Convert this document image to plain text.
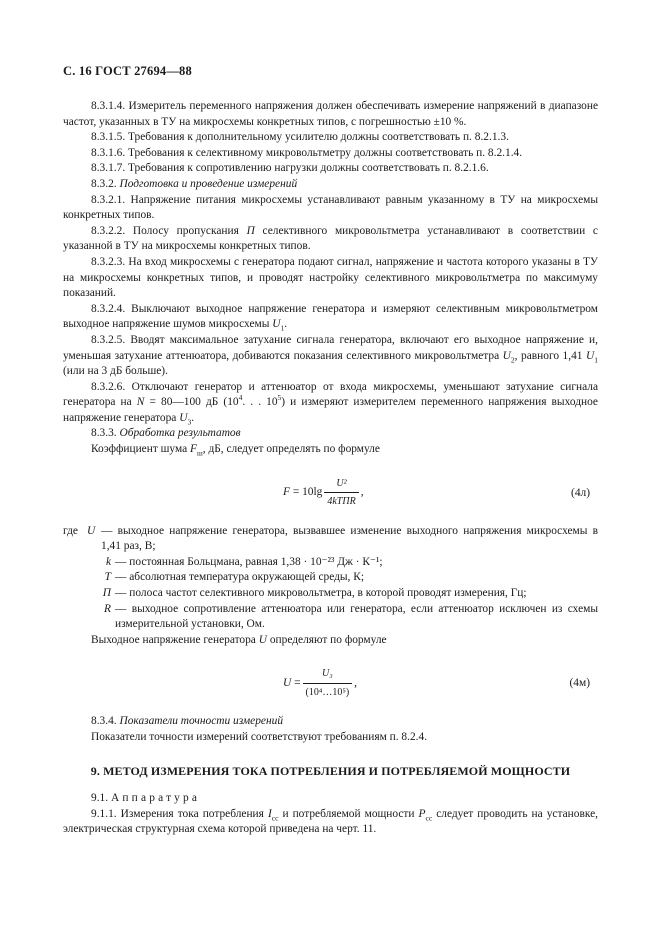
С. 16 ГОСТ 27694—88

8.3.1.4. Измеритель переменного напряжения должен обеспечивать измерение напряжений в диапазоне частот, указанных в ТУ на микросхемы конкретных типов, с погрешностью ±10 %.

8.3.1.5. Требования к дополнительному усилителю должны соответствовать п. 8.2.1.3.

8.3.1.6. Требования к селективному микровольтметру должны соответствовать п. 8.2.1.4.

8.3.1.7. Требования к сопротивлению нагрузки должны соответствовать п. 8.2.1.6.

8.3.2. Подготовка и проведение измерений

8.3.2.1. Напряжение питания микросхемы устанавливают равным указанному в ТУ на микросхемы конкретных типов.

8.3.2.2. Полосу пропускания П селективного микровольтметра устанавливают в соответствии с указанной в ТУ на микросхемы конкретных типов.

8.3.2.3. На вход микросхемы с генератора подают сигнал, напряжение и частота которого указаны в ТУ на микросхемы конкретных типов, и проводят настройку селективного микровольтметра по максимуму показаний.

8.3.2.4. Выключают выходное напряжение генератора и измеряют селективным микровольтметром выходное напряжение шумов микросхемы $U_1$.

8.3.2.5. Вводят максимальное затухание сигнала генератора, включают его выходное напряжение и, уменьшая затухание аттенюатора, добиваются показания селективного микровольтметра $U_2$, равного 1,41 $U_1$ (или на 3 дБ больше).

8.3.2.6. Отключают генератор и аттенюатор от входа микросхемы, уменьшают затухание сигнала генератора на N = 80—100 дБ ($10^4$. . . $10^5$) и измеряют измерителем переменного напряжения выходное напряжение генератора $U_3$.

8.3.3. Обработка результатов

Коэффициент шума $F_ш$, дБ, следует определять по формуле

F
= $10\lg \frac{\text{U²}}{\text{4kTПR}}$ ,	(4л)
где U — выходное напряжение генератора, вызвавшее изменение выходного напряжения микросхемы в 1,41 раз, В;
k — постоянная Больцмана, равная 1,38 · 10⁻²³ Дж · К⁻¹;
T — абсолютная температура окружающей среды, К;
П — полоса частот селективного микровольтметра, в которой проводят измерения, Гц;
R — выходное сопротивление аттенюатора или генератора, если аттенюатор исключен из схемы измерительной установки, Ом.

Выходное напряжение генератора U определяют по формуле

U
= $\frac{\text{U₃}}{\text{(10⁴…10⁵)}}$ ,	(4м)

8.3.4. Показатели точности измерений

Показатели точности измерений соответствуют требованиям п. 8.2.4.

9. МЕТОД ИЗМЕРЕНИЯ ТОКА ПОТРЕБЛЕНИЯ И ПОТРЕБЛЯЕМОЙ МОЩНОСТИ

9.1. Аппаратура

9.1.1. Измерения тока потребления $I_{cc}$ и потребляемой мощности $P_{cc}$ следует проводить на установке, электрическая структурная схема которой приведена на черт. 11.
